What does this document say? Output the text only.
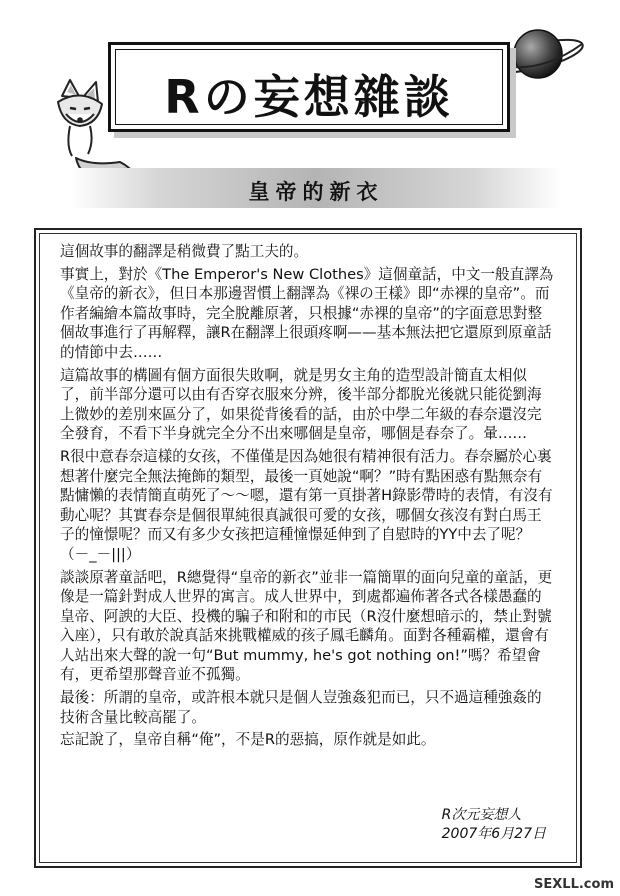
Rの妄想雜談
皇帝的新衣

這個故事的翻譯是稍微費了點工夫的。

事實上，對於《The Emperor's New Clothes》這個童話，中文一般直譯為《皇帝的新衣》，但日本那邊習慣上翻譯為《裸の王樣》即“赤裸的皇帝”。而作者編繪本篇故事時，完全脫離原著，只根據“赤裸的皇帝”的字面意思對整個故事進行了再解釋，讓R在翻譯上很頭疼啊——基本無法把它還原到原童話的情節中去……

這篇故事的構圖有個方面很失敗啊，就是男女主角的造型設計簡直太相似了，前半部分還可以由有否穿衣服來分辨，後半部分都脫光後就只能從劉海上微妙的差別來區分了，如果從背後看的話，由於中學二年級的春奈還沒完全發育，不看下半身就完全分不出來哪個是皇帝，哪個是春奈了。暈……

R很中意春奈這樣的女孩，不僅僅是因為她很有精神很有活力。春奈屬於心裏想著什麼完全無法掩飾的類型，最後一頁她說“啊？”時有點困惑有點無奈有點慵懶的表情簡直萌死了～～嗯，還有第一頁掛著H錄影帶時的表情，有沒有動心呢？其實春奈是個很單純很真誠很可愛的女孩，哪個女孩沒有對白馬王子的憧憬呢？而又有多少女孩把這種憧憬延伸到了自慰時的YY中去了呢？（－_－|||）

談談原著童話吧，R總覺得“皇帝的新衣”並非一篇簡單的面向兒童的童話，更像是一篇針對成人世界的寓言。成人世界中，到處都遍佈著各式各樣愚蠢的皇帝、阿諛的大臣、投機的騙子和附和的市民（R沒什麼想暗示的，禁止對號入座），只有敢於說真話來挑戰權威的孩子鳳毛麟角。面對各種霸權，還會有人站出來大聲的說一句“But mummy, he's got nothing on!”嗎？希望會有，更希望那聲音並不孤獨。

最後：所謂的皇帝，或許根本就只是個人豈強姦犯而已，只不過這種強姦的技術含量比較高罷了。

忘記說了，皇帝自稱“俺”，不是R的惡搞，原作就是如此。

R次元妄想人
2007年6月27日
SEXLL.com
